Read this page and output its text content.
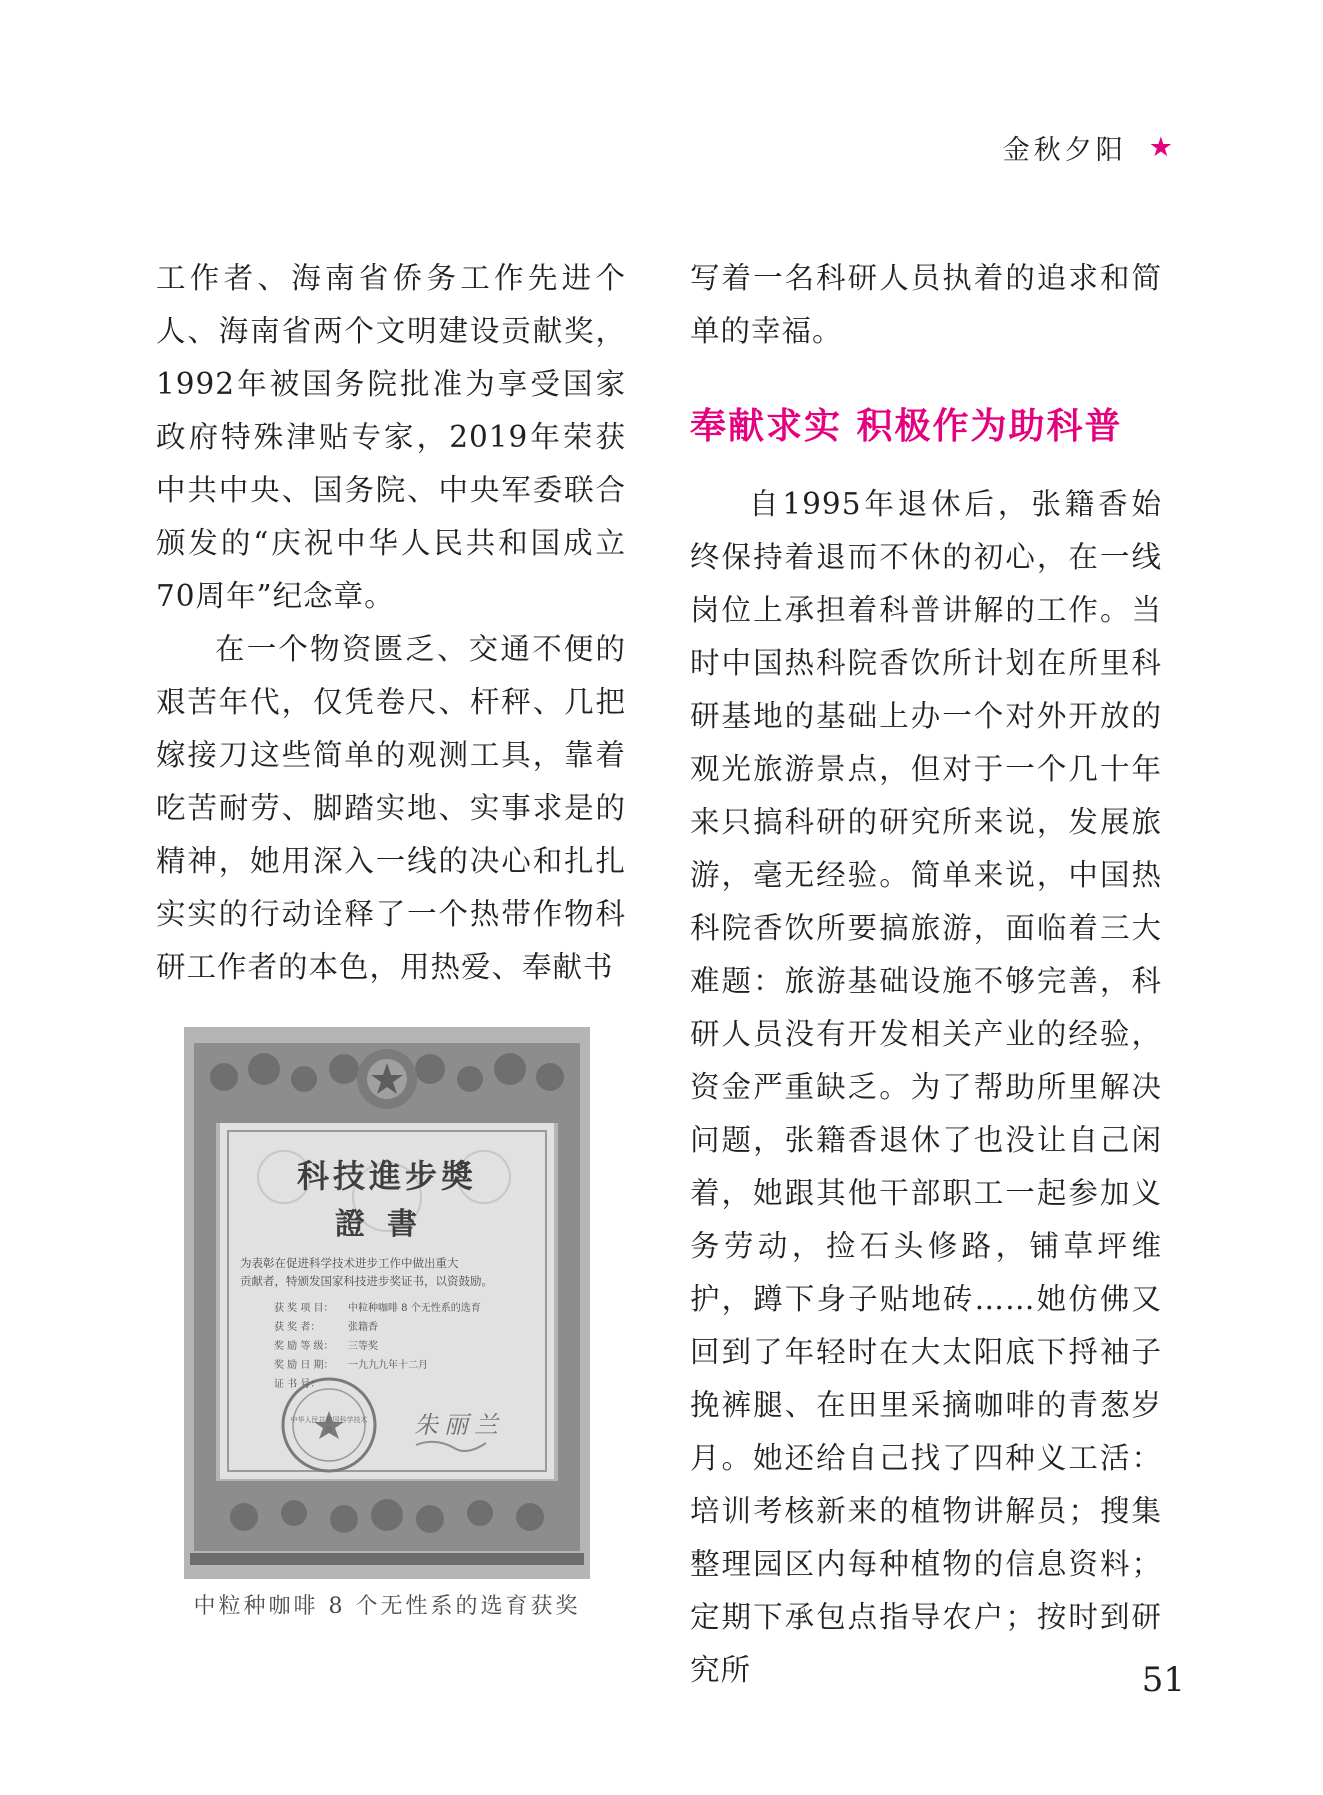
金秋夕阳 ★

工作者、海南省侨务工作先进个人、海南省两个文明建设贡献奖，1992年被国务院批准为享受国家政府特殊津贴专家，2019年荣获中共中央、国务院、中央军委联合颁发的“庆祝中华人民共和国成立70周年”纪念章。

在一个物资匮乏、交通不便的艰苦年代，仅凭卷尺、杆秤、几把嫁接刀这些简单的观测工具，靠着吃苦耐劳、脚踏实地、实事求是的精神，她用深入一线的决心和扎扎实实的行动诠释了一个热带作物科研工作者的本色，用热爱、奉献书

写着一名科研人员执着的追求和简单的幸福。

奉献求实 积极作为助科普

自1995年退休后，张籍香始终保持着退而不休的初心，在一线岗位上承担着科普讲解的工作。当时中国热科院香饮所计划在所里科研基地的基础上办一个对外开放的观光旅游景点，但对于一个几十年来只搞科研的研究所来说，发展旅游，毫无经验。简单来说，中国热科院香饮所要搞旅游，面临着三大难题：旅游基础设施不够完善，科研人员没有开发相关产业的经验，资金严重缺乏。为了帮助所里解决问题，张籍香退休了也没让自己闲着，她跟其他干部职工一起参加义务劳动，捡石头修路，铺草坪维护，蹲下身子贴地砖……她仿佛又回到了年轻时在大太阳底下捋袖子挽裤腿、在田里采摘咖啡的青葱岁月。她还给自己找了四种义工活：培训考核新来的植物讲解员；搜集整理园区内每种植物的信息资料；定期下承包点指导农户；按时到研究所

科技進步奬
證書
为表彰在促进科学技术进步工作中做出重大
贡献者，特颁发国家科技进步奖证书，以资鼓励。
获 奖 项 目：	中粒种咖啡 8 个无性系的选育
获 奖 者：	张籍香
奖 励 等 级：	三等奖
奖 励 日 期：	一九九九年十二月
证 书 号：
中华人民共和国科学技术部	朱丽兰
中粒种咖啡 8 个无性系的选育获奖
51
